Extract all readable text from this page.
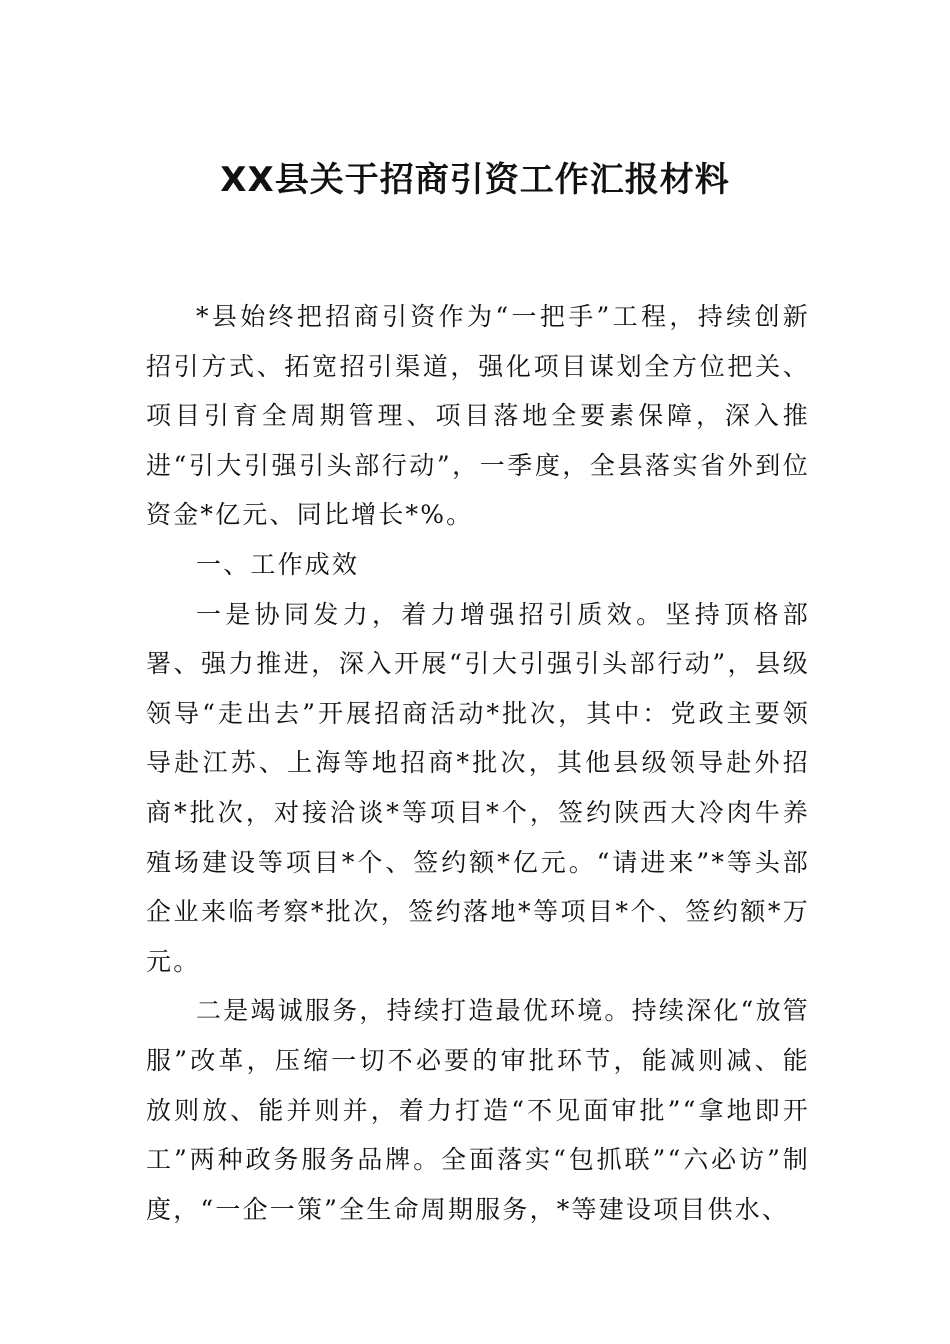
XX县关于招商引资工作汇报材料

*县始终把招商引资作为“一把手”工程，持续创新招引方式、拓宽招引渠道，强化项目谋划全方位把关、项目引育全周期管理、项目落地全要素保障，深入推进“引大引强引头部行动”，一季度，全县落实省外到位资金*亿元、同比增长*%。

一、工作成效

一是协同发力，着力增强招引质效。坚持顶格部署、强力推进，深入开展“引大引强引头部行动”，县级领导“走出去”开展招商活动*批次，其中：党政主要领导赴江苏、上海等地招商*批次，其他县级领导赴外招商*批次，对接洽谈*等项目*个，签约陕西大冷肉牛养殖场建设等项目*个、签约额*亿元。“请进来”*等头部企业来临考察*批次，签约落地*等项目*个、签约额*万元。

二是竭诚服务，持续打造最优环境。持续深化“放管服”改革，压缩一切不必要的审批环节，能减则减、能放则放、能并则并，着力打造“不见面审批”“拿地即开工”两种政务服务品牌。全面落实“包抓联”“六必访”制度，“一企一策”全生命周期服务，*等建设项目供水、
